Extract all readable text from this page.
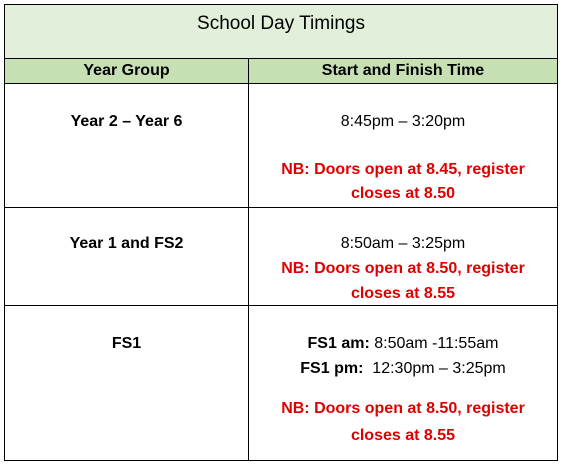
School Day Timings
Year Group	Start and Finish Time
Year 2 – Year 6	8:45pm – 3:20pm
NB: Doors open at 8.45, register
closes at 8.50
Year 1 and FS2	8:50am – 3:25pm
NB: Doors open at 8.50, register
closes at 8.55
FS1	FS1 am: 8:50am -11:55am
FS1 pm:  12:30pm – 3:25pm
NB: Doors open at 8.50, register
closes at 8.55
